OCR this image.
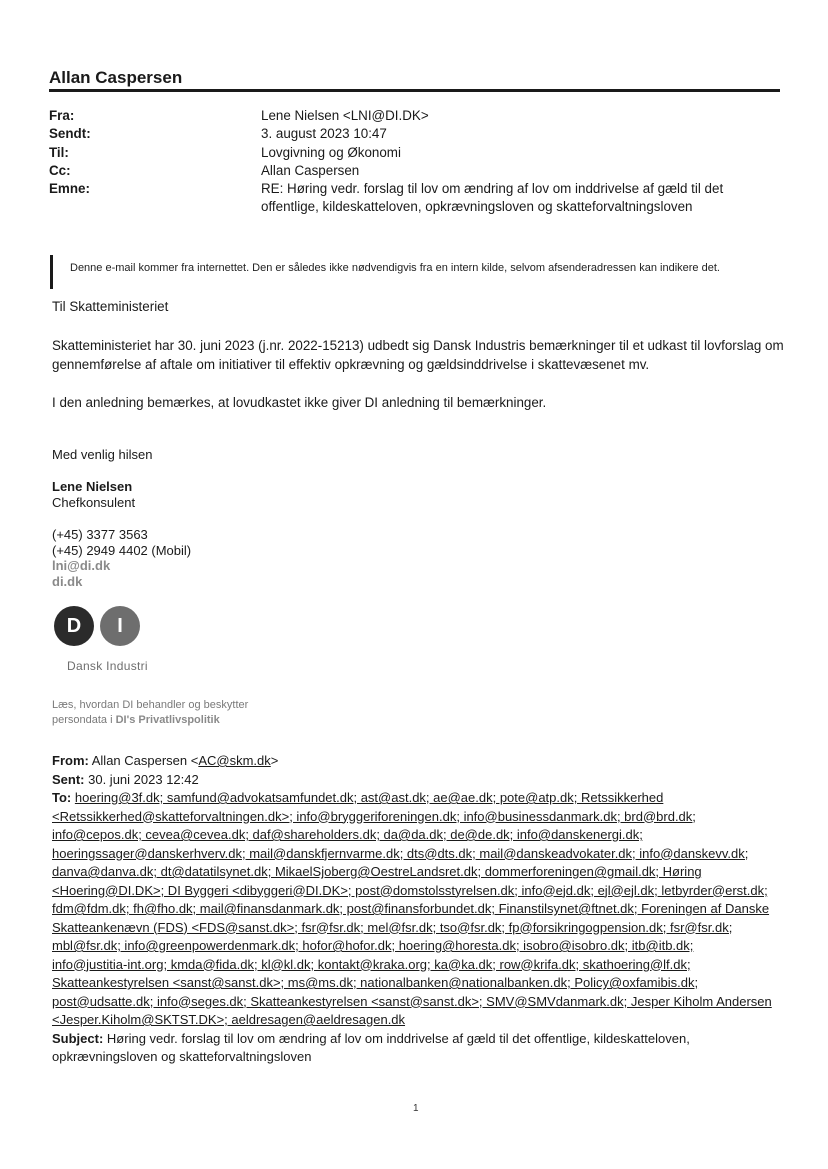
Allan Caspersen
Fra:	Lene Nielsen <LNI@DI.DK>
Sendt:	3. august 2023 10:47
Til:	Lovgivning og Økonomi
Cc:	Allan Caspersen
Emne:	RE: Høring vedr. forslag til lov om ændring af lov om inddrivelse af gæld til det offentlige, kildeskatteloven, opkrævningsloven og skatteforvaltningsloven
Denne e-mail kommer fra internettet. Den er således ikke nødvendigvis fra en intern kilde, selvom afsenderadressen kan indikere det.
Til Skatteministeriet
Skatteministeriet har 30. juni 2023 (j.nr. 2022-15213) udbedt sig Dansk Industris bemærkninger til et udkast til lovforslag om gennemførelse af aftale om initiativer til effektiv opkrævning og gældsinddrivelse i skattevæsenet mv.
I den anledning bemærkes, at lovudkastet ikke giver DI anledning til bemærkninger.
Med venlig hilsen
Lene Nielsen
Chefkonsulent
(+45) 3377 3563
(+45) 2949 4402 (Mobil)
lni@di.dk
di.dk
D	I
Dansk Industri
Læs, hvordan DI behandler og beskytter
persondata i DI's Privatlivspolitik
From: Allan Caspersen <AC@skm.dk>
Sent: 30. juni 2023 12:42
To: hoering@3f.dk; samfund@advokatsamfundet.dk; ast@ast.dk; ae@ae.dk; pote@atp.dk; Retssikkerhed <Retssikkerhed@skatteforvaltningen.dk>; info@bryggeriforeningen.dk; info@businessdanmark.dk; brd@brd.dk; info@cepos.dk; cevea@cevea.dk; daf@shareholders.dk; da@da.dk; de@de.dk; info@danskenergi.dk; hoeringssager@danskerhverv.dk; mail@danskfjernvarme.dk; dts@dts.dk; mail@danskeadvokater.dk; info@danskevv.dk; danva@danva.dk; dt@datatilsynet.dk; MikaelSjoberg@OestreLandsret.dk; dommerforeningen@gmail.dk; Høring <Hoering@DI.DK>; DI Byggeri <dibyggeri@DI.DK>; post@domstolsstyrelsen.dk; info@ejd.dk; ejl@ejl.dk; letbyrder@erst.dk; fdm@fdm.dk; fh@fho.dk; mail@finansdanmark.dk; post@finansforbundet.dk; Finanstilsynet@ftnet.dk; Foreningen af Danske Skatteankenævn (FDS) <FDS@sanst.dk>; fsr@fsr.dk; mel@fsr.dk; tso@fsr.dk; fp@forsikringogpension.dk; fsr@fsr.dk; mbl@fsr.dk; info@greenpowerdenmark.dk; hofor@hofor.dk; hoering@horesta.dk; isobro@isobro.dk; itb@itb.dk; info@justitia-int.org; kmda@fida.dk; kl@kl.dk; kontakt@kraka.org; ka@ka.dk; row@krifa.dk; skathoering@lf.dk; Skatteankestyrelsen <sanst@sanst.dk>; ms@ms.dk; nationalbanken@nationalbanken.dk; Policy@oxfamibis.dk; post@udsatte.dk; info@seges.dk; Skatteankestyrelsen <sanst@sanst.dk>; SMV@SMVdanmark.dk; Jesper Kiholm Andersen <Jesper.Kiholm@SKTST.DK>; aeldresagen@aeldresagen.dk
Subject: Høring vedr. forslag til lov om ændring af lov om inddrivelse af gæld til det offentlige, kildeskatteloven, opkrævningsloven og skatteforvaltningsloven
1
